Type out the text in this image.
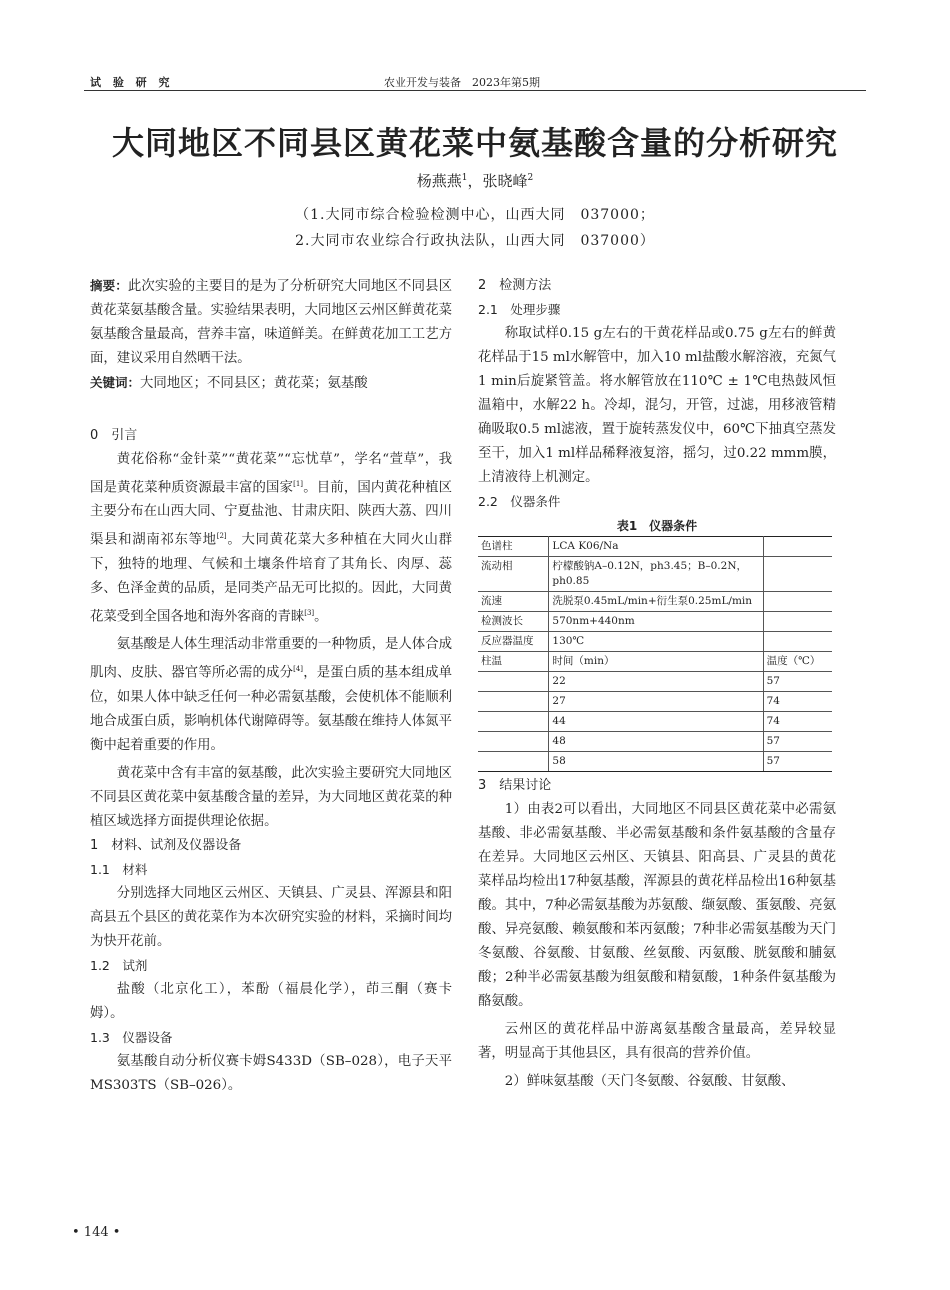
试 验 研 究	农业开发与装备　2023年第5期
大同地区不同县区黄花菜中氨基酸含量的分析研究
杨燕燕$^1$，张晓峰$^2$
（1.大同市综合检验检测中心，山西大同　037000；
2.大同市农业综合行政执法队，山西大同　037000）

摘要：此次实验的主要目的是为了分析研究大同地区不同县区黄花菜氨基酸含量。实验结果表明，大同地区云州区鲜黄花菜氨基酸含量最高，营养丰富，味道鲜美。在鲜黄花加工工艺方面，建议采用自然晒干法。

关键词：大同地区；不同县区；黄花菜；氨基酸

0　引言

黄花俗称“金针菜”“黄花菜”“忘忧草”，学名“萱草”，我国是黄花菜种质资源最丰富的国家[1]。目前，国内黄花种植区主要分布在山西大同、宁夏盐池、甘肃庆阳、陕西大荔、四川渠县和湖南祁东等地[2]。大同黄花菜大多种植在大同火山群下，独特的地理、气候和土壤条件培育了其角长、肉厚、蕊多、色泽金黄的品质，是同类产品无可比拟的。因此，大同黄花菜受到全国各地和海外客商的青睐[3]。

氨基酸是人体生理活动非常重要的一种物质，是人体合成肌肉、皮肤、器官等所必需的成分[4]，是蛋白质的基本组成单位，如果人体中缺乏任何一种必需氨基酸，会使机体不能顺利地合成蛋白质，影响机体代谢障碍等。氨基酸在维持人体氮平衡中起着重要的作用。

黄花菜中含有丰富的氨基酸，此次实验主要研究大同地区不同县区黄花菜中氨基酸含量的差异，为大同地区黄花菜的种植区域选择方面提供理论依据。

1　材料、试剂及仪器设备
1.1　材料

分别选择大同地区云州区、天镇县、广灵县、浑源县和阳高县五个县区的黄花菜作为本次研究实验的材料，采摘时间均为快开花前。

1.2　试剂

盐酸（北京化工），苯酚（福晨化学），茚三酮（赛卡姆）。

1.3　仪器设备

氨基酸自动分析仪赛卡姆S433D（SB–028），电子天平MS303TS（SB–026）。

2　检测方法
2.1　处理步骤

称取试样0.15 g左右的干黄花样品或0.75 g左右的鲜黄花样品于15 ml水解管中，加入10 ml盐酸水解溶液，充氮气1 min后旋紧管盖。将水解管放在110℃ ± 1℃电热鼓风恒温箱中，水解22 h。冷却，混匀，开管，过滤，用移液管精确吸取0.5 ml滤液，置于旋转蒸发仪中，60℃下抽真空蒸发至干，加入1 ml样品稀释液复溶，摇匀，过0.22 mmm膜，上清液待上机测定。

2.2　仪器条件
表1　仪器条件
色谱柱	LCA K06/Na	
流动相	柠檬酸钠A–0.12N，ph3.45；B–0.2N，ph0.85	
流速	洗脱泵0.45mL/min+衍生泵0.25mL/min	
检测波长	570nm+440nm	
反应器温度	130℃	
柱温	时间（min）	温度（℃）
	22	57
	27	74
	44	74
	48	57
	58	57
3　结果讨论

1）由表2可以看出，大同地区不同县区黄花菜中必需氨基酸、非必需氨基酸、半必需氨基酸和条件氨基酸的含量存在差异。大同地区云州区、天镇县、阳高县、广灵县的黄花菜样品均检出17种氨基酸，浑源县的黄花样品检出16种氨基酸。其中，7种必需氨基酸为苏氨酸、缬氨酸、蛋氨酸、亮氨酸、异亮氨酸、赖氨酸和苯丙氨酸；7种非必需氨基酸为天门冬氨酸、谷氨酸、甘氨酸、丝氨酸、丙氨酸、胱氨酸和脯氨酸；2种半必需氨基酸为组氨酸和精氨酸，1种条件氨基酸为酪氨酸。

云州区的黄花样品中游离氨基酸含量最高，差异较显著，明显高于其他县区，具有很高的营养价值。

2）鲜味氨基酸（天门冬氨酸、谷氨酸、甘氨酸、

• 144 •
